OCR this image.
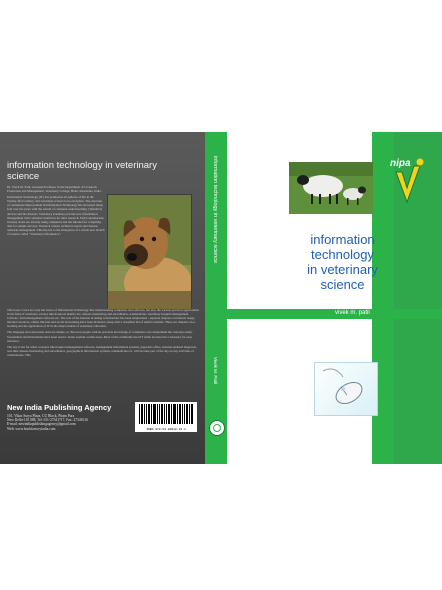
information technology in veterinary science

Dr. Vivek M. Patil, Assistant Professor in the Department of Livestock Production and Management, Veterinary College, Bidar, Karnataka, India.

Information Technology (IT) has permeated all spheres of life in the Twenty-first Century, and veterinary science is no exception. The outcome of continuous improvement in Information Technology has increased many fold over the years with the advent of computer-aided learning. [Tentative] devices and the Internet. Veterinary scientists practise now information management with computer interfaces for their research. Field veterinarians in many states are already using computers and the Internet for compiling data for sample surveys, livestock census, technical reports and disease outbreak management. This has led to the emergence of a whole new branch of science called "Veterinary Informatics".

This book covers not only the basics of Information Technology like understanding computers and software, but also the various practical applications in the field of veterinary science like livestock health care, disease monitoring and surveillance, telemedicine, veterinary hospital management software, farm management software etc. The role of the Internet in aiding veterinarians has been emphasized - separate chapters on internet usage, internet resources, online libraries and social networking have been included, along with a classified list of useful websites. There are chapters on e-learning and the application of IT in the improvement of veterinary education.

The language and expression used are simple, so that even people with no previous knowledge of computers can comprehend the concepts easily. Screenshots and illustrations have been used to better explain certain areas. Most of the commonly used IT terms are listed in a Glossary for easy reference.

The day is not far when concepts like hospital management software, management information systems, paperless office, internet-enabled diagnosis, real-time disease monitoring and surveillance, geographical information systems, telemedicine etc. will become part of the day-to-day activities of veterinarians. This

New India Publishing Agency
101, Vikas Surya Plaza, CU Block, Pitam Pura
New Delhi-110 088, Tel: 011-27341717, Fax: 27341616
E-mail: newindiapublishingagency@gmail.com
Web: www.bookfactoryindia.com	ISBN 978-93-80012-23-1
information technology in veterinary science
Vivek M. Patil
nipa
information
technology
in veterinary
science
vivek m. patil
